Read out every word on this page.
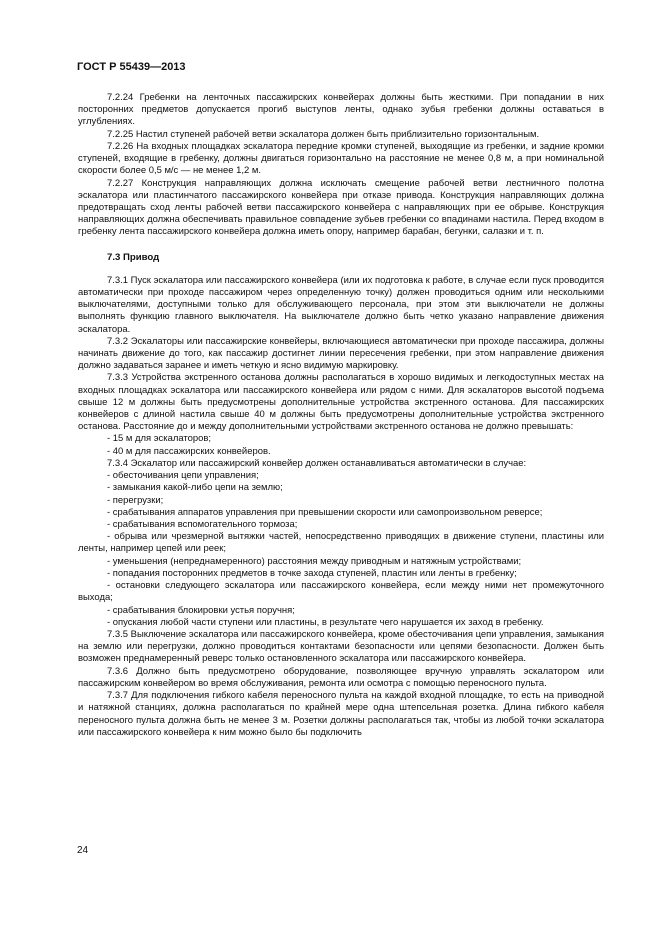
ГОСТ Р 55439—2013

7.2.24 Гребенки на ленточных пассажирских конвейерах должны быть жесткими. При попадании в них посторонних предметов допускается прогиб выступов ленты, однако зубья гребенки должны оставаться в углублениях.

7.2.25 Настил ступеней рабочей ветви эскалатора должен быть приблизительно горизонтальным.

7.2.26 На входных площадках эскалатора передние кромки ступеней, выходящие из гребенки, и задние кромки ступеней, входящие в гребенку, должны двигаться горизонтально на расстояние не менее 0,8 м, а при номинальной скорости более 0,5 м/с — не менее 1,2 м.

7.2.27 Конструкция направляющих должна исключать смещение рабочей ветви лестничного полотна эскалатора или пластинчатого пассажирского конвейера при отказе привода. Конструкция направляющих должна предотвращать сход ленты рабочей ветви пассажирского конвейера с направляющих при ее обрыве. Конструкция направляющих должна обеспечивать правильное совпадение зубьев гребенки со впадинами настила. Перед входом в гребенку лента пассажирского конвейера должна иметь опору, например барабан, бегунки, салазки и т. п.

7.3 Привод

7.3.1 Пуск эскалатора или пассажирского конвейера (или их подготовка к работе, в случае если пуск проводится автоматически при проходе пассажиром через определенную точку) должен проводиться одним или несколькими выключателями, доступными только для обслуживающего персонала, при этом эти выключатели не должны выполнять функцию главного выключателя. На выключателе должно быть четко указано направление движения эскалатора.

7.3.2 Эскалаторы или пассажирские конвейеры, включающиеся автоматически при проходе пассажира, должны начинать движение до того, как пассажир достигнет линии пересечения гребенки, при этом направление движения должно задаваться заранее и иметь четкую и ясно видимую маркировку.

7.3.3 Устройства экстренного останова должны располагаться в хорошо видимых и легкодоступных местах на входных площадках эскалатора или пассажирского конвейера или рядом с ними. Для эскалаторов высотой подъема свыше 12 м должны быть предусмотрены дополнительные устройства экстренного останова. Для пассажирских конвейеров с длиной настила свыше 40 м должны быть предусмотрены дополнительные устройства экстренного останова. Расстояние до и между дополнительными устройствами экстренного останова не должно превышать:

- 15 м для эскалаторов;

- 40 м для пассажирских конвейеров.

7.3.4 Эскалатор или пассажирский конвейер должен останавливаться автоматически в случае:

- обесточивания цепи управления;

- замыкания какой-либо цепи на землю;

- перегрузки;

- срабатывания аппаратов управления при превышении скорости или самопроизвольном реверсе;

- срабатывания вспомогательного тормоза;

- обрыва или чрезмерной вытяжки частей, непосредственно приводящих в движение ступени, пластины или ленты, например цепей или реек;

- уменьшения (непреднамеренного) расстояния между приводным и натяжным устройствами;

- попадания посторонних предметов в точке захода ступеней, пластин или ленты в гребенку;

- остановки следующего эскалатора или пассажирского конвейера, если между ними нет промежуточного выхода;

- срабатывания блокировки устья поручня;

- опускания любой части ступени или пластины, в результате чего нарушается их заход в гребенку.

7.3.5 Выключение эскалатора или пассажирского конвейера, кроме обесточивания цепи управления, замыкания на землю или перегрузки, должно проводиться контактами безопасности или цепями безопасности. Должен быть возможен преднамеренный реверс только остановленного эскалатора или пассажирского конвейера.

7.3.6 Должно быть предусмотрено оборудование, позволяющее вручную управлять эскалатором или пассажирским конвейером во время обслуживания, ремонта или осмотра с помощью переносного пульта.

7.3.7 Для подключения гибкого кабеля переносного пульта на каждой входной площадке, то есть на приводной и натяжной станциях, должна располагаться по крайней мере одна штепсельная розетка. Длина гибкого кабеля переносного пульта должна быть не менее 3 м. Розетки должны располагаться так, чтобы из любой точки эскалатора или пассажирского конвейера к ним можно было бы подключить

24
